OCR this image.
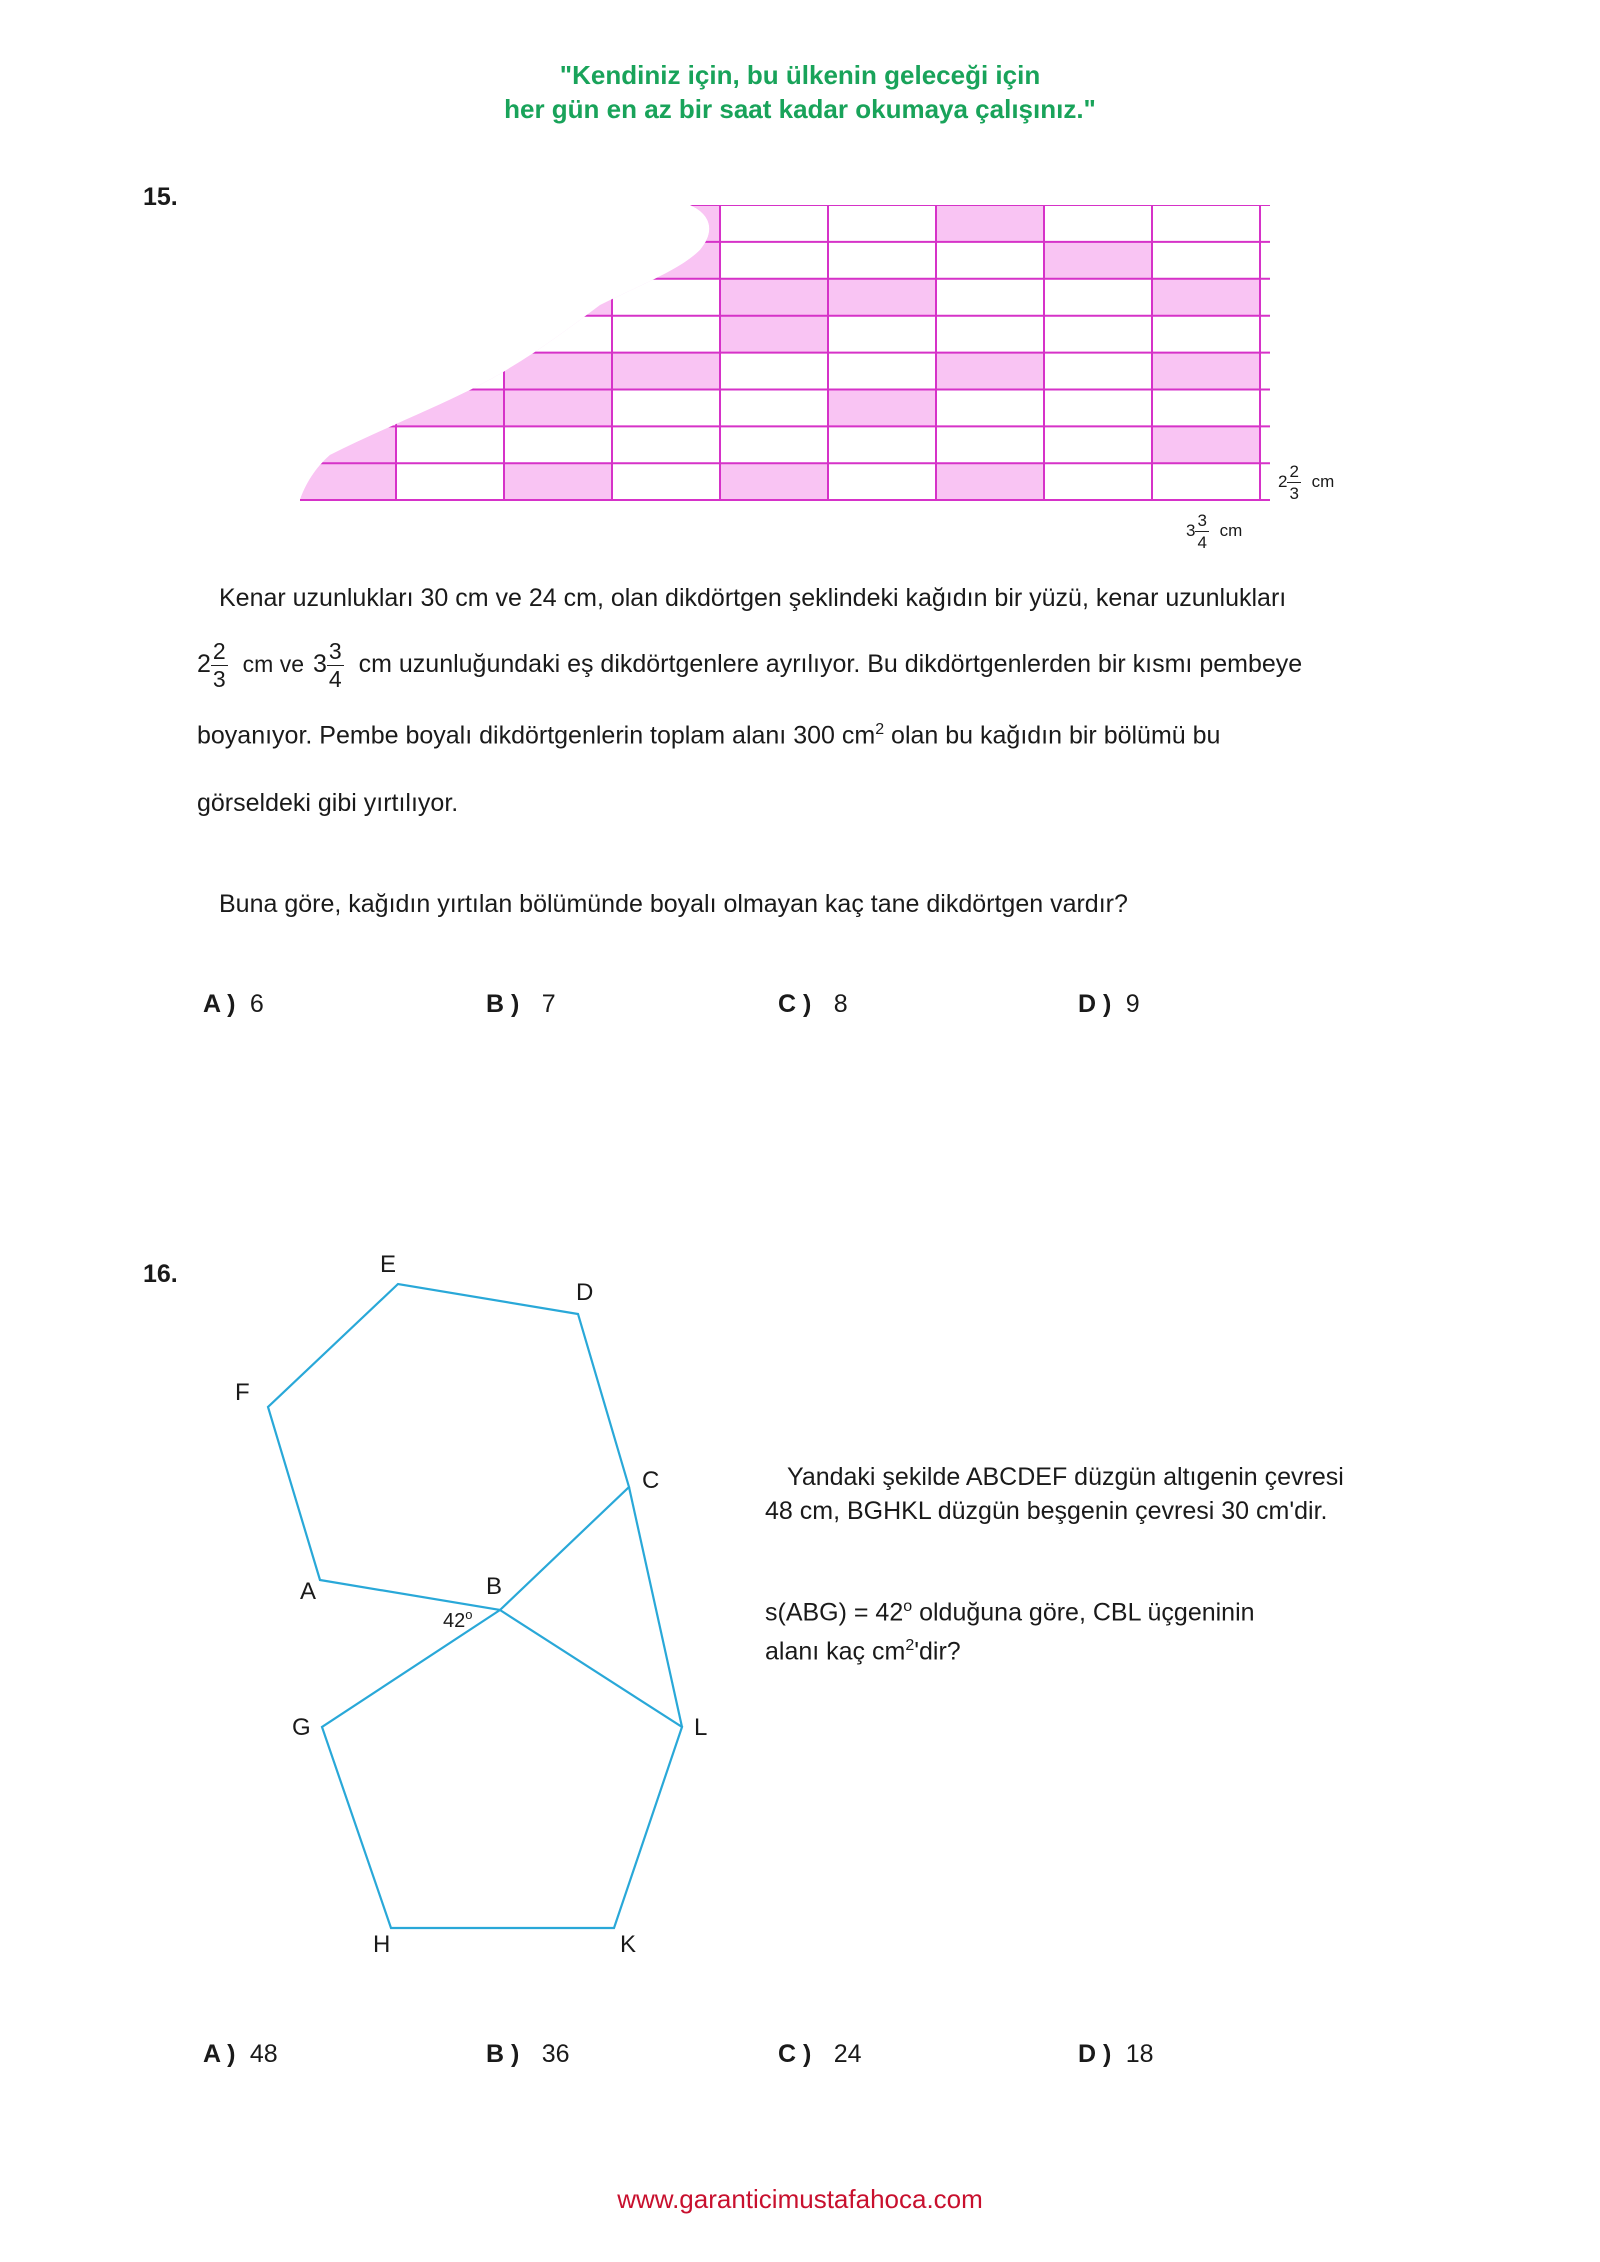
"Kendiniz için, bu ülkenin geleceği için
her gün en az bir saat kadar okumaya çalışınız."
15.
$2 \frac{2}{3}$ cm
$3 \frac{3}{4}$ cm
Kenar uzunlukları 30 cm ve 24 cm, olan dikdörtgen şeklindeki kağıdın bir yüzü, kenar uzunlukları
$2 \frac{2}{3}$ cm ve $3 \frac{3}{4}$ cm uzunluğundaki eş dikdörtgenlere ayrılıyor. Bu dikdörtgenlerden bir kısmı pembeye
boyanıyor. Pembe boyalı dikdörtgenlerin toplam alanı 300 $cm^2$ olan bu kağıdın bir bölümü bu
görseldeki gibi yırtılıyor.
Buna göre, kağıdın yırtılan bölümünde boyalı olmayan kaç tane dikdörtgen vardır?
A ) 6	B ) 7	C ) 8	D ) 9
16.	E
D
F
C
A	B
G	L
H	K
42$^o$
Yandaki şekilde ABCDEF düzgün altıgenin çevresi
48 cm, BGHKL düzgün beşgenin çevresi 30 cm'dir.
$s(ABG) = 42^o$ olduğuna göre, CBL üçgeninin
alanı kaç $cm^2'dir$?
A ) 48	B ) 36	C ) 24	D ) 18
www.garanticimustafahoca.com
